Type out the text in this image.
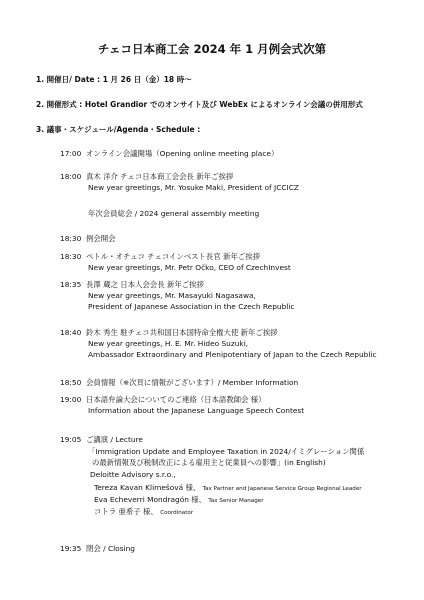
チェコ日本商工会 2024 年 1 月例会式次第
1. 開催日/ Date : 1 月 26 日（金）18 時～
2. 開催形式 : Hotel Grandior でのオンサイト及び WebEx によるオンライン会議の併用形式
3. 議事・スケジュール/Agenda・Schedule :
17:00 オンライン会議開場（Opening online meeting place）
18:00 真木 洋介 チェコ日本商工会会長 新年ご挨拶
New year greetings, Mr. Yosuke Maki, President of JCCICZ
年次会員総会 / 2024 general assembly meeting
18:30 例会開会
18:30 ペトル・オチュコ チェコインベスト長官 新年ご挨拶
New year greetings, Mr. Petr Očko, CEO of CzechInvest
18:35 長澤 蔵之 日本人会会長 新年ご挨拶
New year greetings, Mr. Masayuki Nagasawa,
President of Japanese Association in the Czech Republic
18:40 鈴木 秀生 駐チェコ共和国日本国特命全権大使 新年ご挨拶
New year greetings, H. E. Mr. Hideo Suzuki,
Ambassador Extraordinary and Plenipotentiary of Japan to the Czech Republic
18:50 会員情報（※次頁に情報がございます）/ Member Information
19:00 日本語弁論大会についてのご連絡（日本語教師会 様）
Information about the Japanese Language Speech Contest
19:05 ご講演 / Lecture
「Immigration Update and Employee Taxation in 2024/イミグレーション関係
の最新情報及び税制改正による雇用主と従業員への影響」(in English)
Deloitte Advisory s.r.o.,
Tereza Kavan Klimešová 様、 Tax Partner and Japanese Service Group Regional Leader
Eva Echeverri Mondragón 様、 Tax Senior Manager
コトラ 亜希子 様、 Coordinator
19:35 閉会 / Closing
